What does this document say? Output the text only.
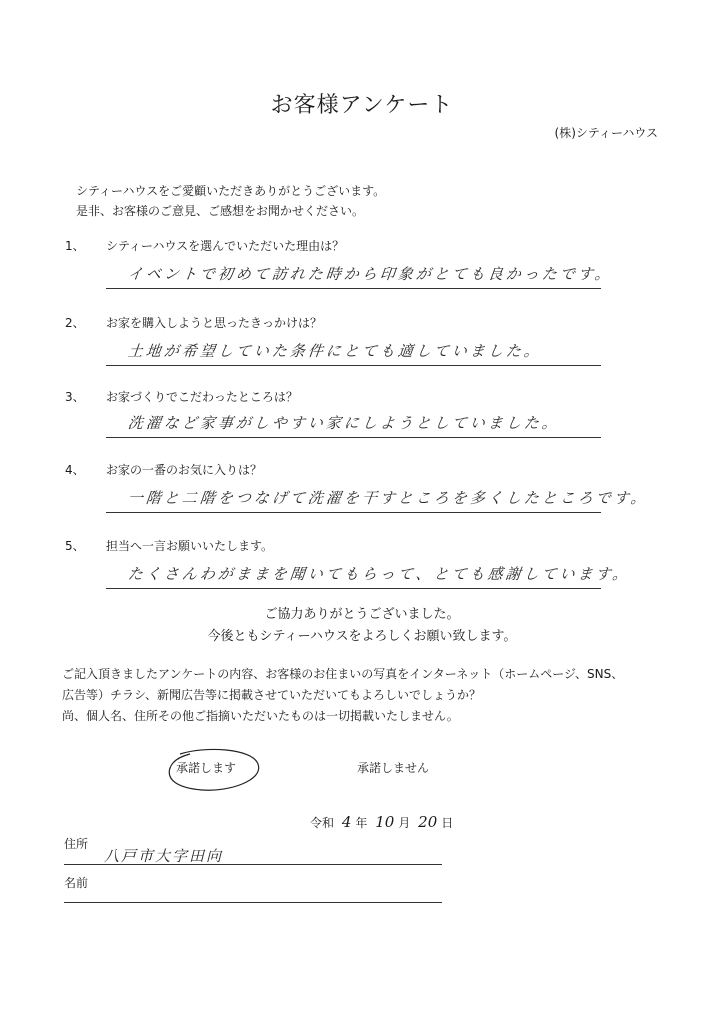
お客様アンケート
(株)シティーハウス
シティーハウスをご愛顧いただきありがとうございます。
是非、お客様のご意見、ご感想をお聞かせください。
1、 シティーハウスを選んでいただいた理由は？
イベントで初めて訪れた時から印象がとても良かったです。
2、 お家を購入しようと思ったきっかけは？
土地が希望していた条件にとても適していました。
3、 お家づくりでこだわったところは？
洗濯など家事がしやすい家にしようとしていました。
4、 お家の一番のお気に入りは？
一階と二階をつなげて洗濯を干すところを多くしたところです。
5、 担当へ一言お願いいたします。
たくさんわがままを聞いてもらって、とても感謝しています。
ご協力ありがとうございました。
今後ともシティーハウスをよろしくお願い致します。
ご記入頂きましたアンケートの内容、お客様のお住まいの写真をインターネット（ホームページ、SNS、
広告等）チラシ、新聞広告等に掲載させていただいてもよろしいでしょうか？
尚、個人名、住所その他ご指摘いただいたものは一切掲載いたしません。
承諾します	承諾しません
令和 4 年 10 月 20 日
住所
八戸市大字田向
名前
